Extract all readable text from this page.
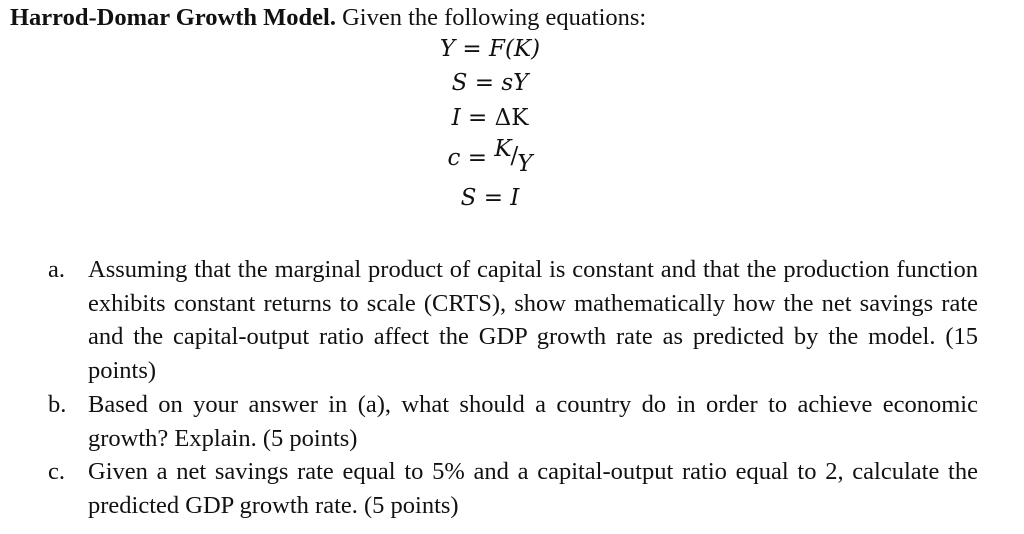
Harrod-Domar Growth Model. Given the following equations:
Y = F(K)
S = sY
I = ΔK
c = K/Y
S = I
a. Assuming that the marginal product of capital is constant and that the production function exhibits constant returns to scale (CRTS), show mathematically how the net savings rate and the capital-output ratio affect the GDP growth rate as predicted by the model. (15 points)
b. Based on your answer in (a), what should a country do in order to achieve economic growth? Explain. (5 points)
c. Given a net savings rate equal to 5% and a capital-output ratio equal to 2, calculate the predicted GDP growth rate. (5 points)
